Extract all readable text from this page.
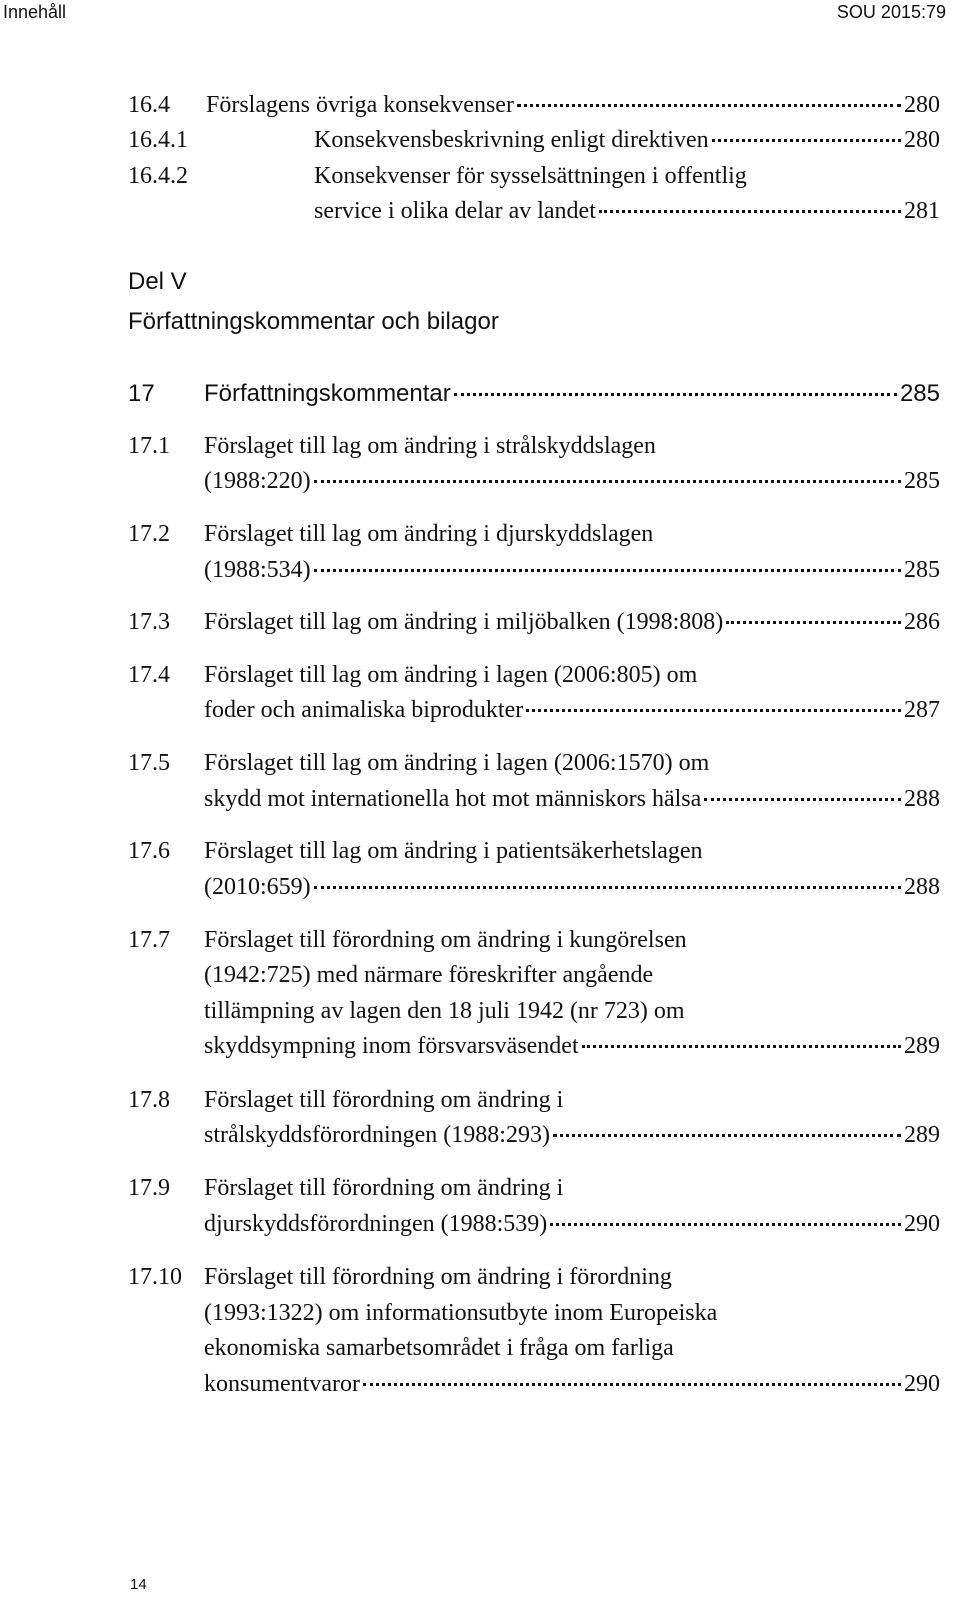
Innehåll	SOU 2015:79
16.4	Förslagens övriga konsekvenser	280
16.4.1	Konsekvensbeskrivning enligt direktiven	280
16.4.2	Konsekvenser för sysselsättningen i offentlig
service i olika delar av landet	281
Del V
Författningskommentar och bilagor
17	Författningskommentar	285
17.1	Förslaget till lag om ändring i strålskyddslagen
(1988:220)	285
17.2	Förslaget till lag om ändring i djurskyddslagen
(1988:534)	285
17.3	Förslaget till lag om ändring i miljöbalken (1998:808)	286
17.4	Förslaget till lag om ändring i lagen (2006:805) om
foder och animaliska biprodukter	287
17.5	Förslaget till lag om ändring i lagen (2006:1570) om
skydd mot internationella hot mot människors hälsa	288
17.6	Förslaget till lag om ändring i patientsäkerhetslagen
(2010:659)	288
17.7	Förslaget till förordning om ändring i kungörelsen
(1942:725) med närmare föreskrifter angående
tillämpning av lagen den 18 juli 1942 (nr 723) om
skyddsympning inom försvarsväsendet	289
17.8	Förslaget till förordning om ändring i
strålskyddsförordningen (1988:293)	289
17.9	Förslaget till förordning om ändring i
djurskyddsförordningen (1988:539)	290
17.10 Förslaget till förordning om ändring i förordning
(1993:1322) om informationsutbyte inom Europeiska
ekonomiska samarbetsområdet i fråga om farliga
konsumentvaror	290
14
